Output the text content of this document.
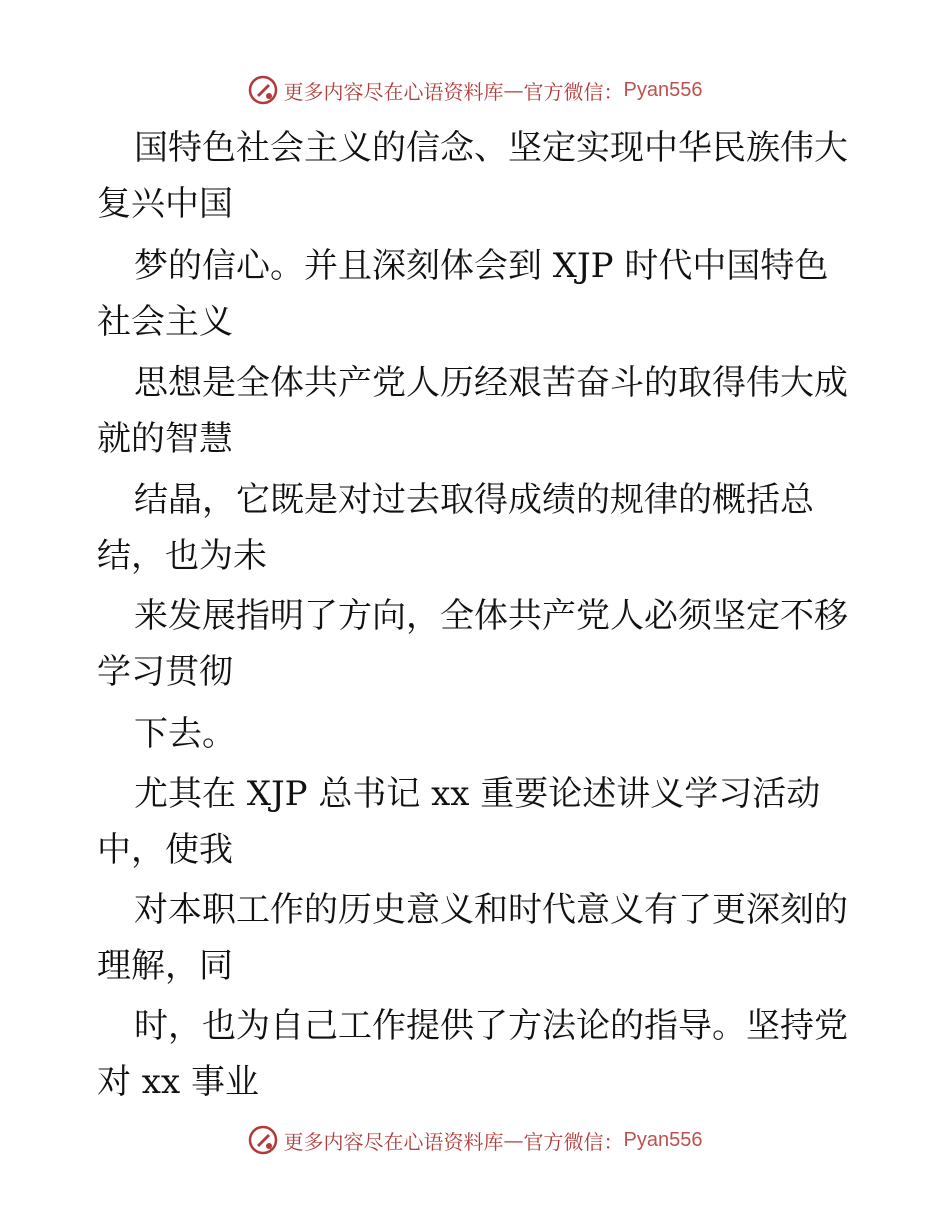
更多内容尽在心语资料库 — 官方微信： Pyan556
国特色社会主义的信念、坚定实现中华民族伟大
复兴中国
梦的信心。并且深刻体会到 XJP 时代中国特色
社会主义
思想是全体共产党人历经艰苦奋斗的取得伟大成
就的智慧
结晶，它既是对过去取得成绩的规律的概括总
结，也为未
来发展指明了方向，全体共产党人必须坚定不移
学习贯彻
下去。
尤其在 XJP 总书记 xx 重要论述讲义学习活动
中，使我
对本职工作的历史意义和时代意义有了更深刻的
理解，同
时，也为自己工作提供了方法论的指导。坚持党
对 xx 事业
更多内容尽在心语资料库 — 官方微信： Pyan556
